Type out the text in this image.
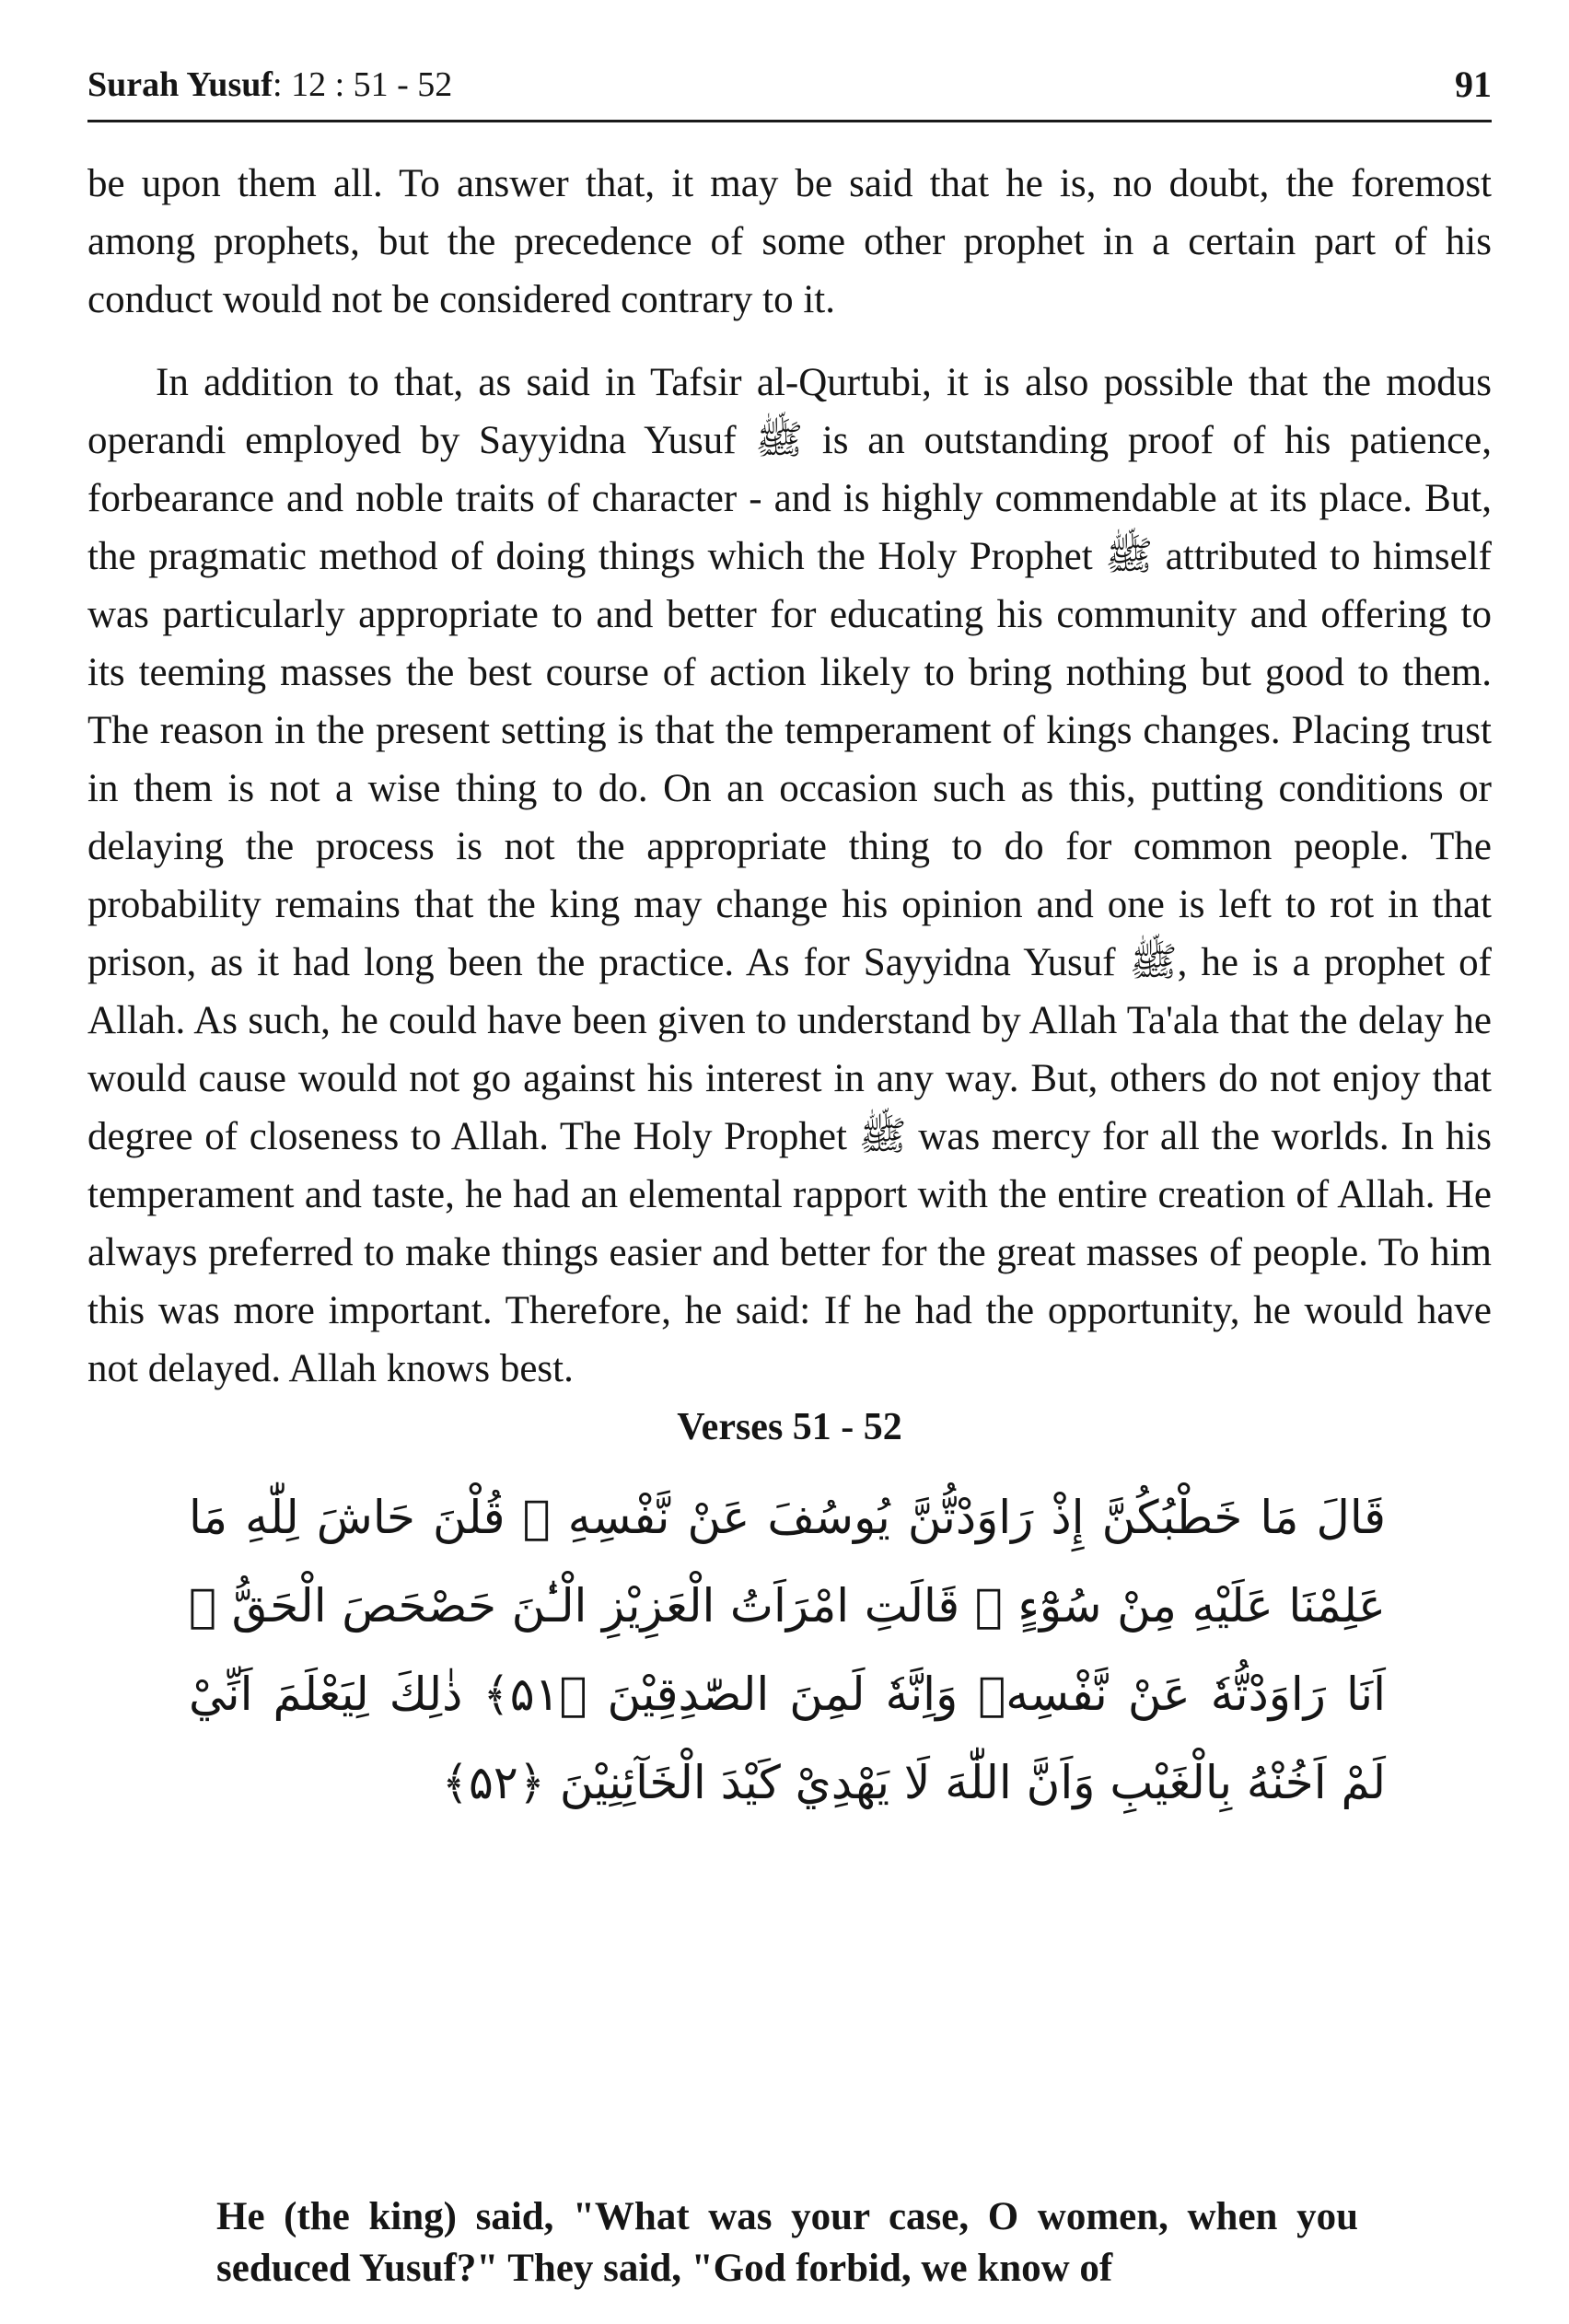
Surah Yusuf: 12 : 51 - 52	91

be upon them all. To answer that, it may be said that he is, no doubt, the foremost among prophets, but the precedence of some other prophet in a certain part of his conduct would not be considered contrary to it.

In addition to that, as said in Tafsir al-Qurtubi, it is also possible that the modus operandi employed by Sayyidna Yusuf ﷺ is an outstanding proof of his patience, forbearance and noble traits of character - and is highly commendable at its place. But, the pragmatic method of doing things which the Holy Prophet ﷺ attributed to himself was particularly appropriate to and better for educating his community and offering to its teeming masses the best course of action likely to bring nothing but good to them. The reason in the present setting is that the temperament of kings changes. Placing trust in them is not a wise thing to do. On an occasion such as this, putting conditions or delaying the process is not the appropriate thing to do for common people. The probability remains that the king may change his opinion and one is left to rot in that prison, as it had long been the practice. As for Sayyidna Yusuf ﷺ, he is a prophet of Allah. As such, he could have been given to understand by Allah Ta'ala that the delay he would cause would not go against his interest in any way. But, others do not enjoy that degree of closeness to Allah. The Holy Prophet ﷺ was mercy for all the worlds. In his temperament and taste, he had an elemental rapport with the entire creation of Allah. He always preferred to make things easier and better for the great masses of people. To him this was more important. Therefore, he said: If he had the opportunity, he would have not delayed. Allah knows best.

Verses 51 - 52

قَالَ مَا خَطْبُكُنَّ إِذْ رَاوَدْتُّنَّ يُوسُفَ عَنْ نَّفْسِهِ ۚ قُلْنَ حَاشَ لِلّٰهِ مَا عَلِمْنَا عَلَيْهِ مِنْ سُوْٓءٍ ۚ قَالَتِ امْرَاَتُ الْعَزِيْزِ الْـٰٔنَ حَصْحَصَ الْحَقُّ ۫ اَنَا رَاوَدْتُّهٗ عَنْ نَّفْسِهٖ وَاِنَّهٗ لَمِنَ الصّٰدِقِيْنَ ﴿۵۱﴾ ذٰلِكَ لِيَعْلَمَ اَنِّيْ لَمْ اَخُنْهُ بِالْغَيْبِ وَاَنَّ اللّٰهَ لَا يَهْدِيْ كَيْدَ الْخَآئِنِيْنَ ﴿۵۲﴾

He (the king) said, "What was your case, O women, when you seduced Yusuf?" They said, "God forbid, we know of
